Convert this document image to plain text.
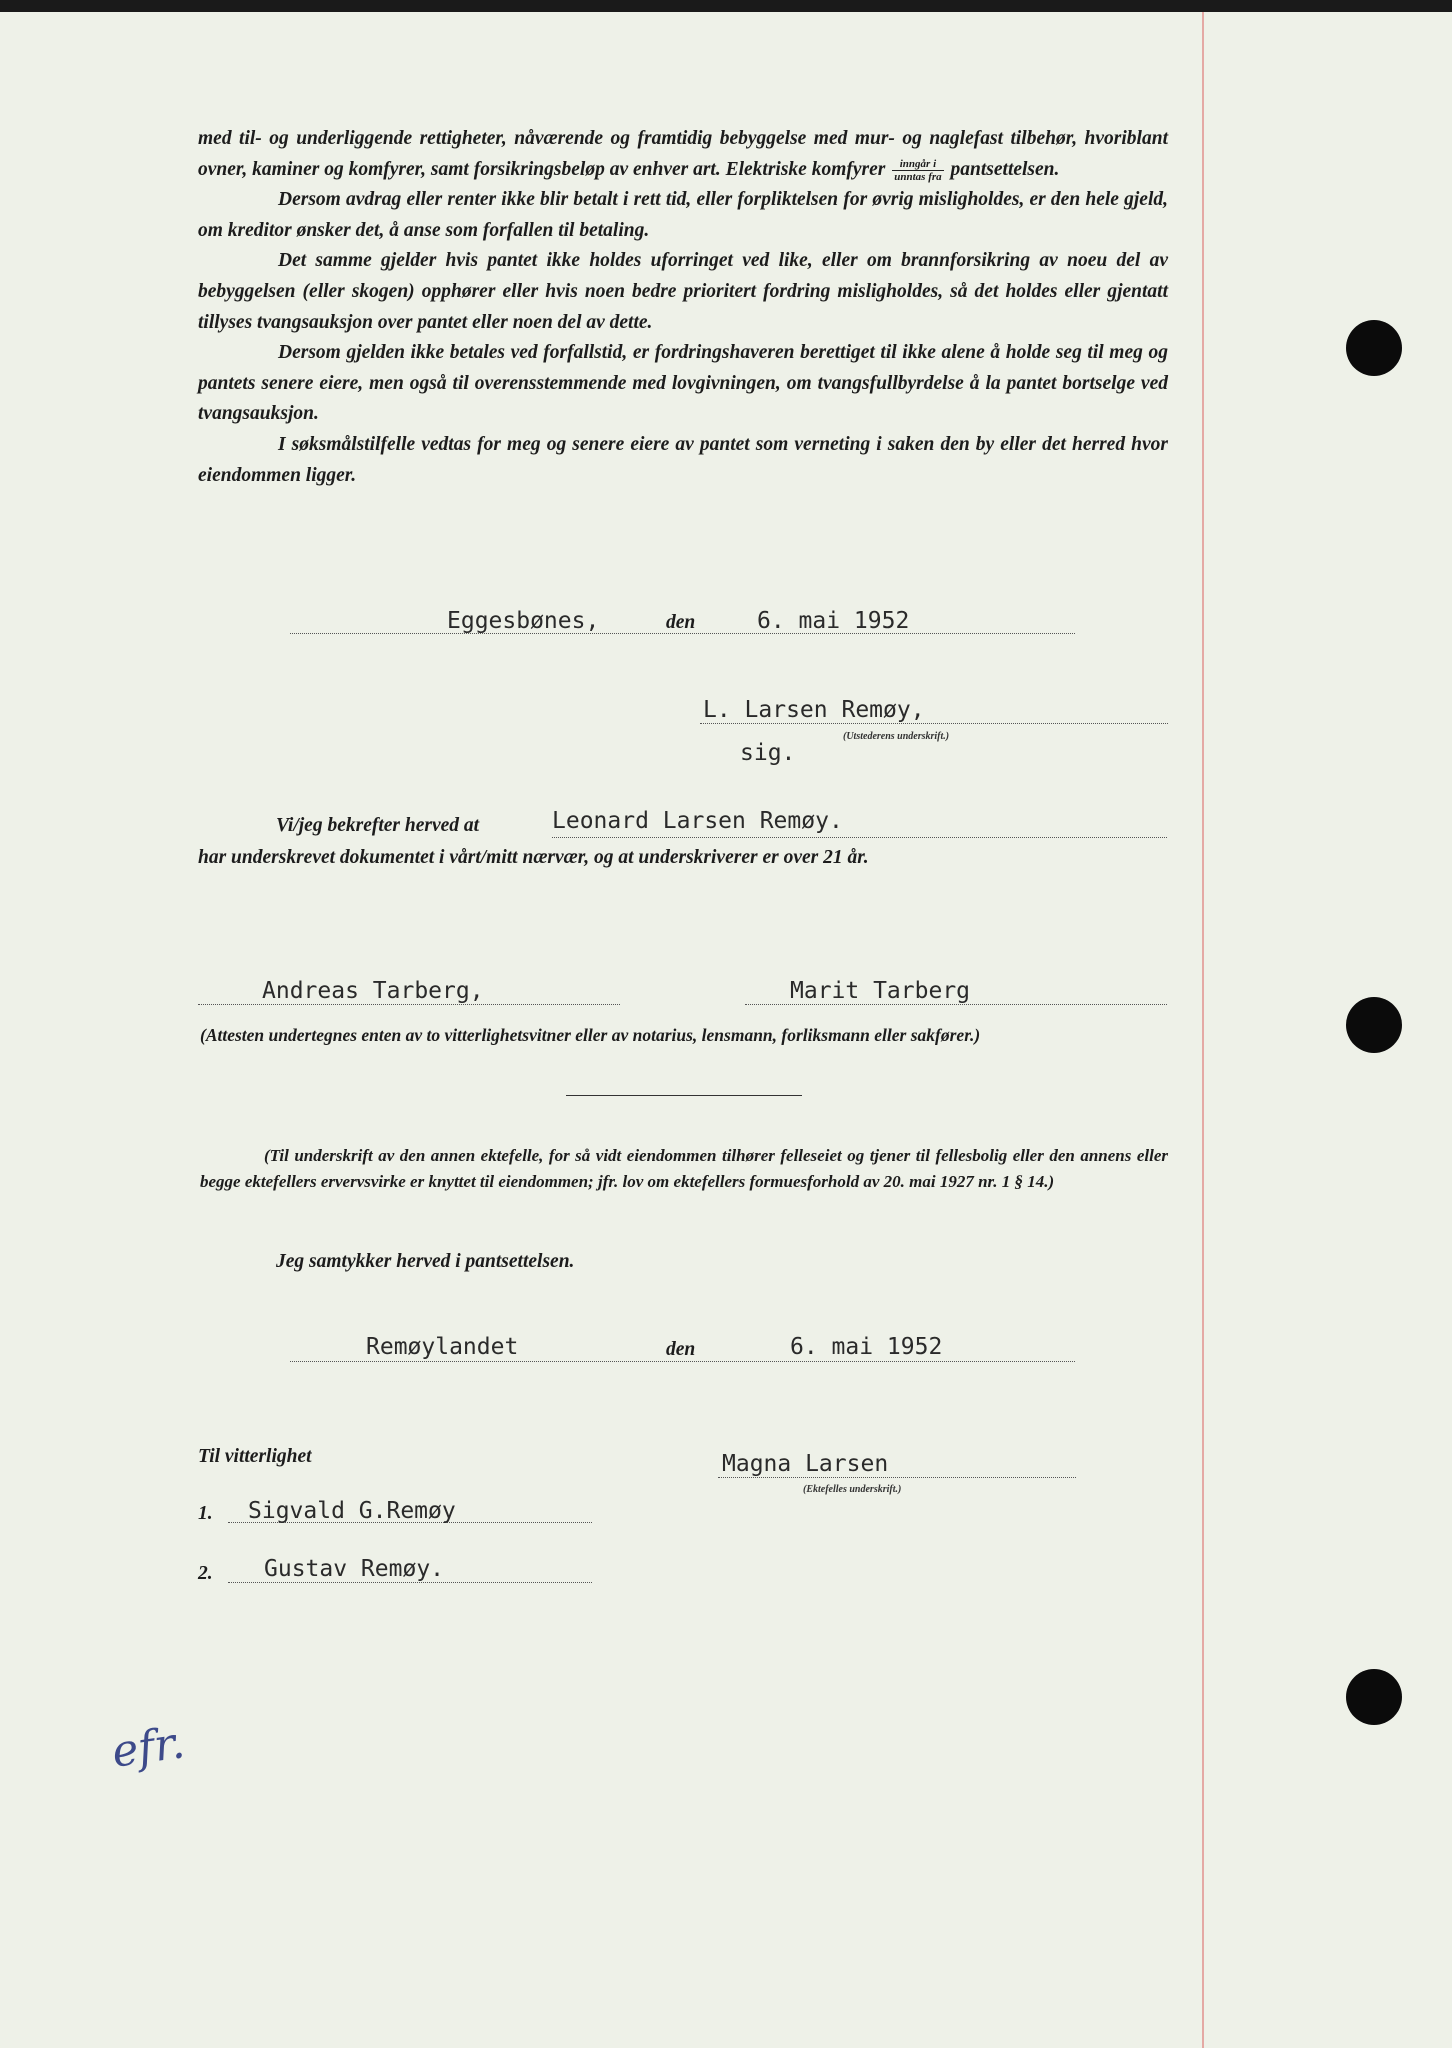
med til- og underliggende rettigheter, nåværende og framtidig bebyggelse med mur- og naglefast tilbehør, hvoriblant ovner, kaminer og komfyrer, samt forsikringsbeløp av enhver art. Elektriske komfyrer $\frac{\text{inngår i}}{\text{unntas fra}}$ pantsettelsen.

Dersom avdrag eller renter ikke blir betalt i rett tid, eller forpliktelsen for øvrig misligholdes, er den hele gjeld, om kreditor ønsker det, å anse som forfallen til betaling.

Det samme gjelder hvis pantet ikke holdes uforringet ved like, eller om brannforsikring av noeu del av bebyggelsen (eller skogen) opphører eller hvis noen bedre prioritert fordring misligholdes, så det holdes eller gjentatt tillyses tvangsauksjon over pantet eller noen del av dette.

Dersom gjelden ikke betales ved forfallstid, er fordringshaveren berettiget til ikke alene å holde seg til meg og pantets senere eiere, men også til overensstemmende med lovgivningen, om tvangsfullbyrdelse å la pantet bortselge ved tvangsauksjon.

I søksmålstilfelle vedtas for meg og senere eiere av pantet som verneting i saken den by eller det herred hvor eiendommen ligger.

Eggesbønes,	den	6. mai 1952
L. Larsen Remøy,
(Utstederens underskrift.)
sig.
Vi/jeg bekrefter herved at	Leonard Larsen Remøy.
har underskrevet dokumentet i vårt/mitt nærvær, og at underskriverer er over 21 år.
Andreas Tarberg,	Marit Tarberg
(Attesten undertegnes enten av to vitterlighetsvitner eller av notarius, lensmann, forliksmann eller sakfører.)
(Til underskrift av den annen ektefelle, for så vidt eiendommen tilhører felleseiet og tjener til fellesbolig eller den annens eller begge ektefellers ervervsvirke er knyttet til eiendommen; jfr. lov om ektefellers formuesforhold av 20. mai 1927 nr. 1 § 14.)
Jeg samtykker herved i pantsettelsen.
Remøylandet	den	6. mai 1952
Til vitterlighet	Magna Larsen
(Ektefelles underskrift.)
1. Sigvald G.Remøy
2. Gustav Remøy.
efr.
